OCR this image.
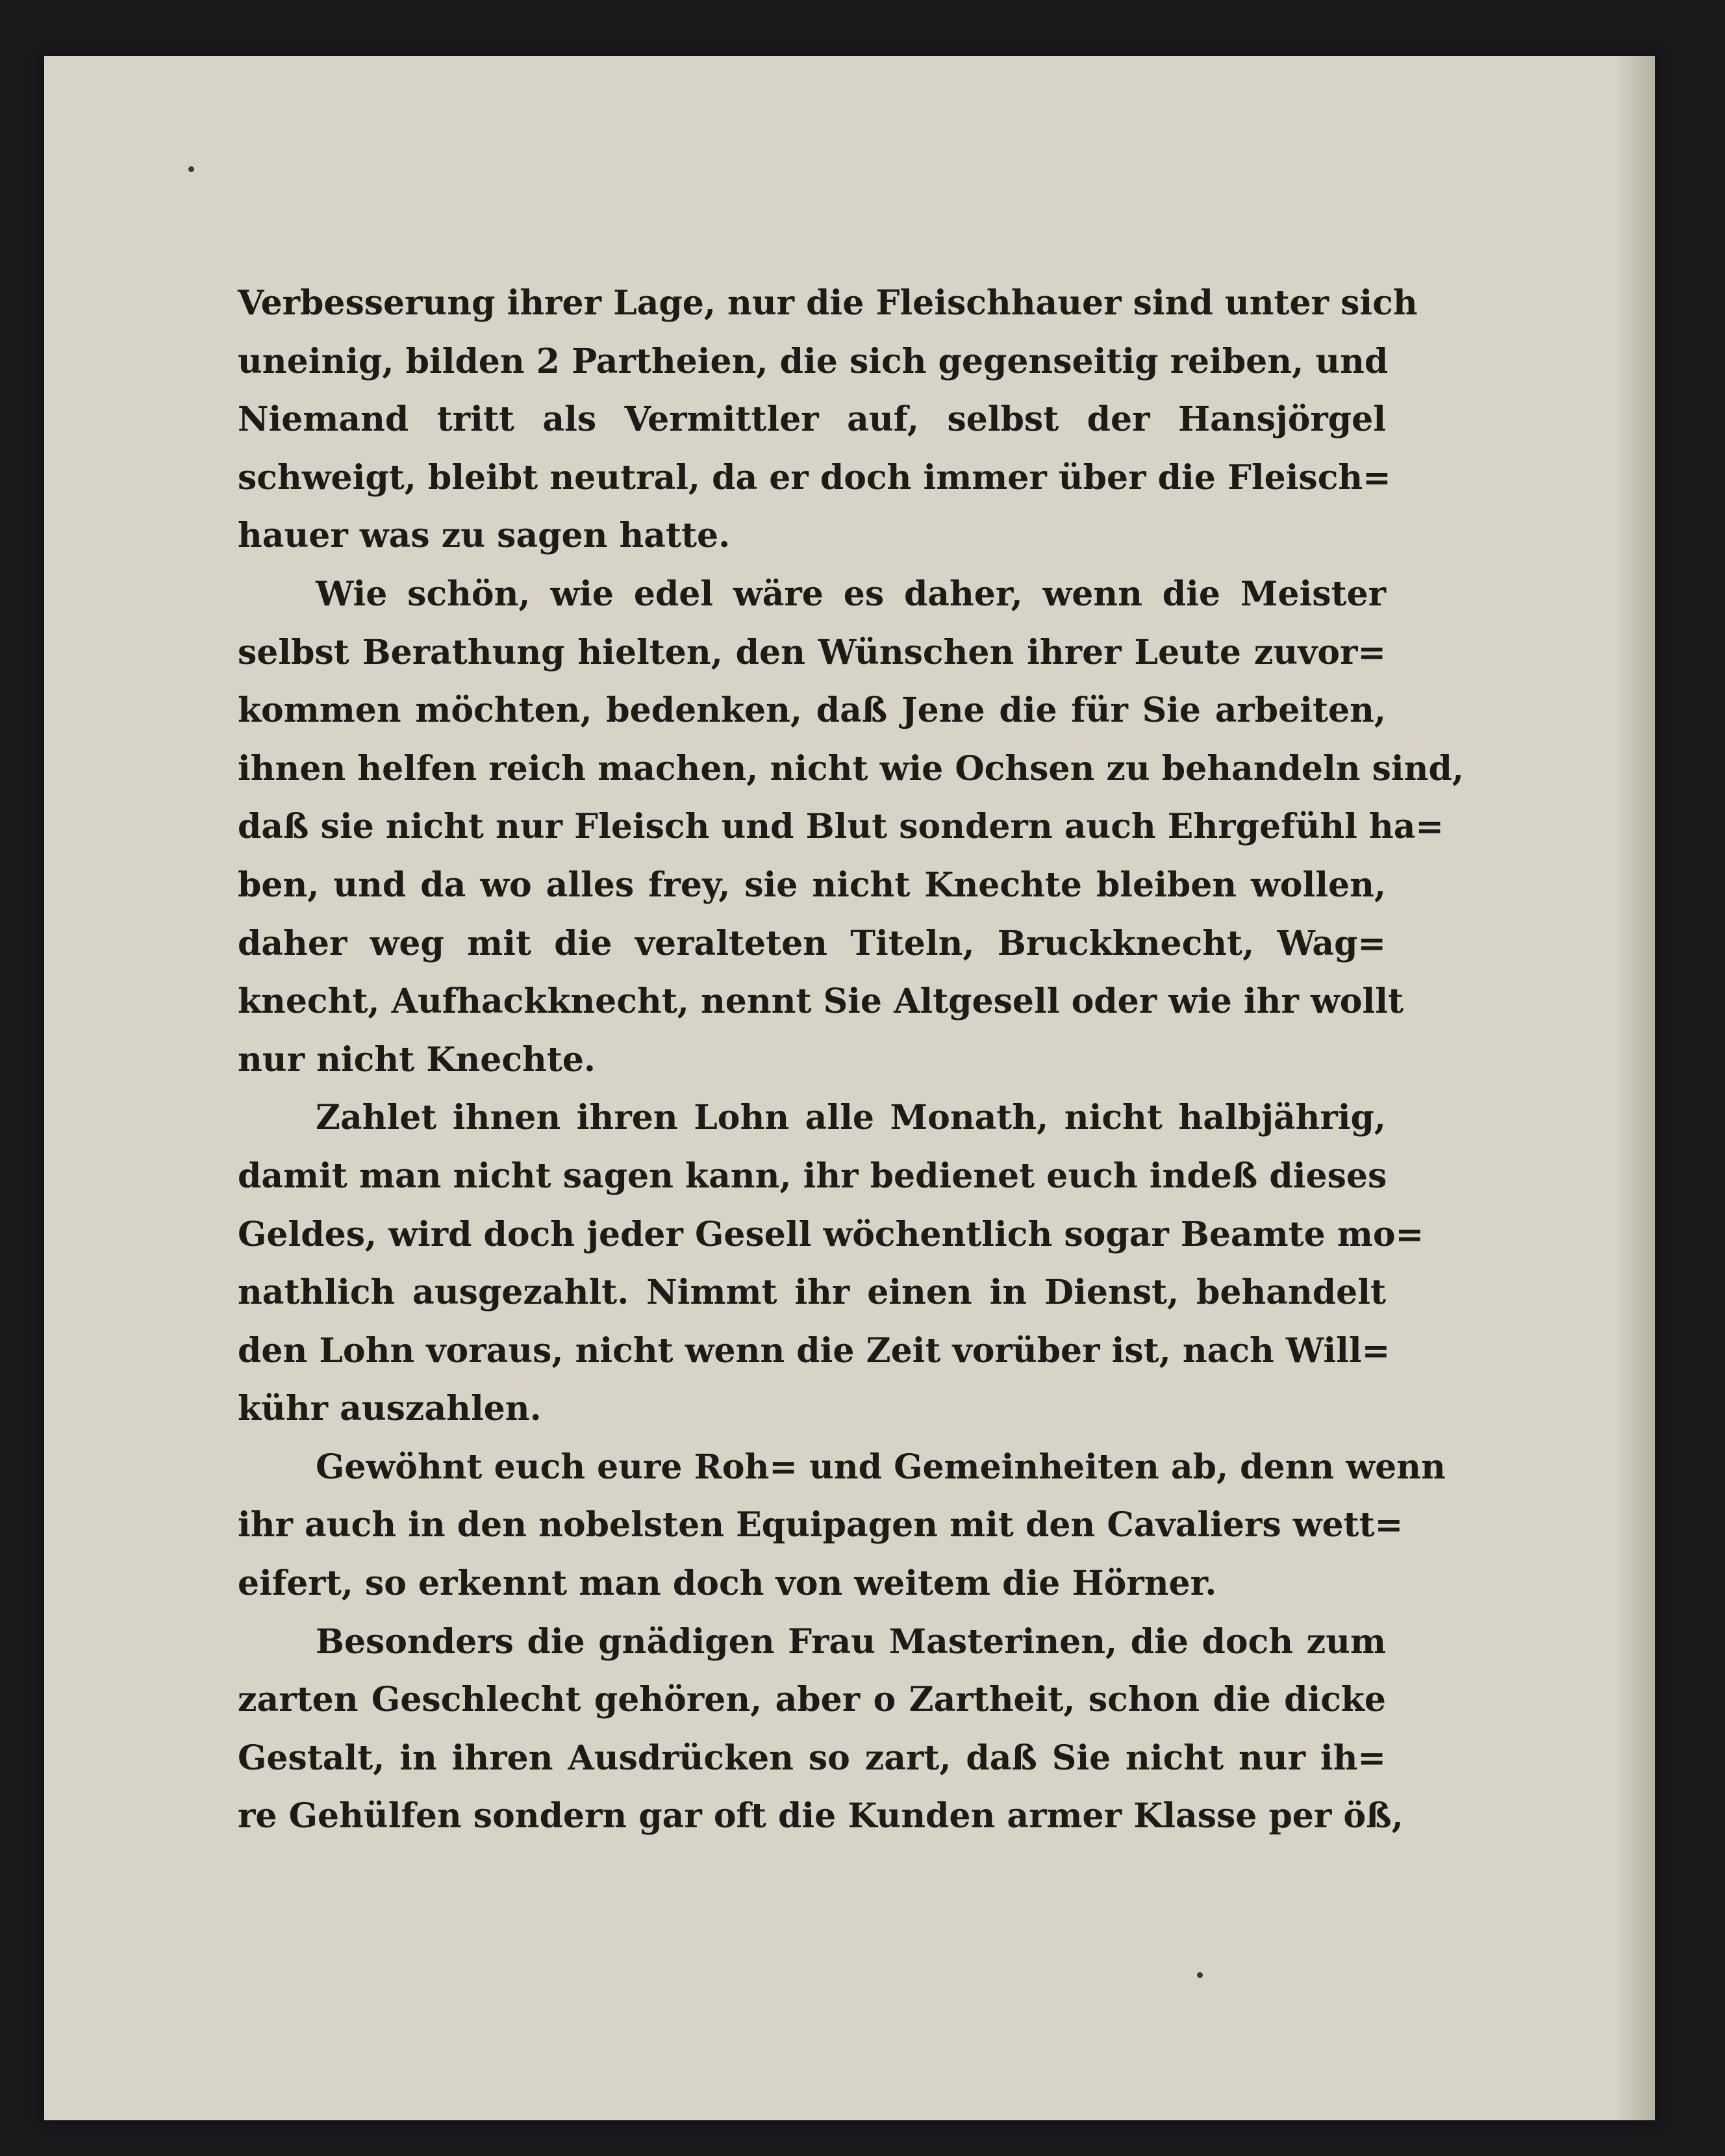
Verbesserung ihrer Lage, nur die Fleischhauer sind unter sich
uneinig, bilden 2 Partheien, die sich gegenseitig reiben, und
Niemand tritt als Vermittler auf, selbst der Hansjörgel
schweigt, bleibt neutral, da er doch immer über die Fleisch=
hauer was zu sagen hatte.
Wie schön, wie edel wäre es daher, wenn die Meister
selbst Berathung hielten, den Wünschen ihrer Leute zuvor=
kommen möchten, bedenken, daß Jene die für Sie arbeiten,
ihnen helfen reich machen, nicht wie Ochsen zu behandeln sind,
daß sie nicht nur Fleisch und Blut sondern auch Ehrgefühl ha=
ben, und da wo alles frey, sie nicht Knechte bleiben wollen,
daher weg mit die veralteten Titeln, Bruckknecht, Wag=
knecht, Aufhackknecht, nennt Sie Altgesell oder wie ihr wollt
nur nicht Knechte.
Zahlet ihnen ihren Lohn alle Monath, nicht halbjährig,
damit man nicht sagen kann, ihr bedienet euch indeß dieses
Geldes, wird doch jeder Gesell wöchentlich sogar Beamte mo=
nathlich ausgezahlt. Nimmt ihr einen in Dienst, behandelt
den Lohn voraus, nicht wenn die Zeit vorüber ist, nach Will=
kühr auszahlen.
Gewöhnt euch eure Roh= und Gemeinheiten ab, denn wenn
ihr auch in den nobelsten Equipagen mit den Cavaliers wett=
eifert, so erkennt man doch von weitem die Hörner.
Besonders die gnädigen Frau Masterinen, die doch zum
zarten Geschlecht gehören, aber o Zartheit, schon die dicke
Gestalt, in ihren Ausdrücken so zart, daß Sie nicht nur ih=
re Gehülfen sondern gar oft die Kunden armer Klasse per öß,
